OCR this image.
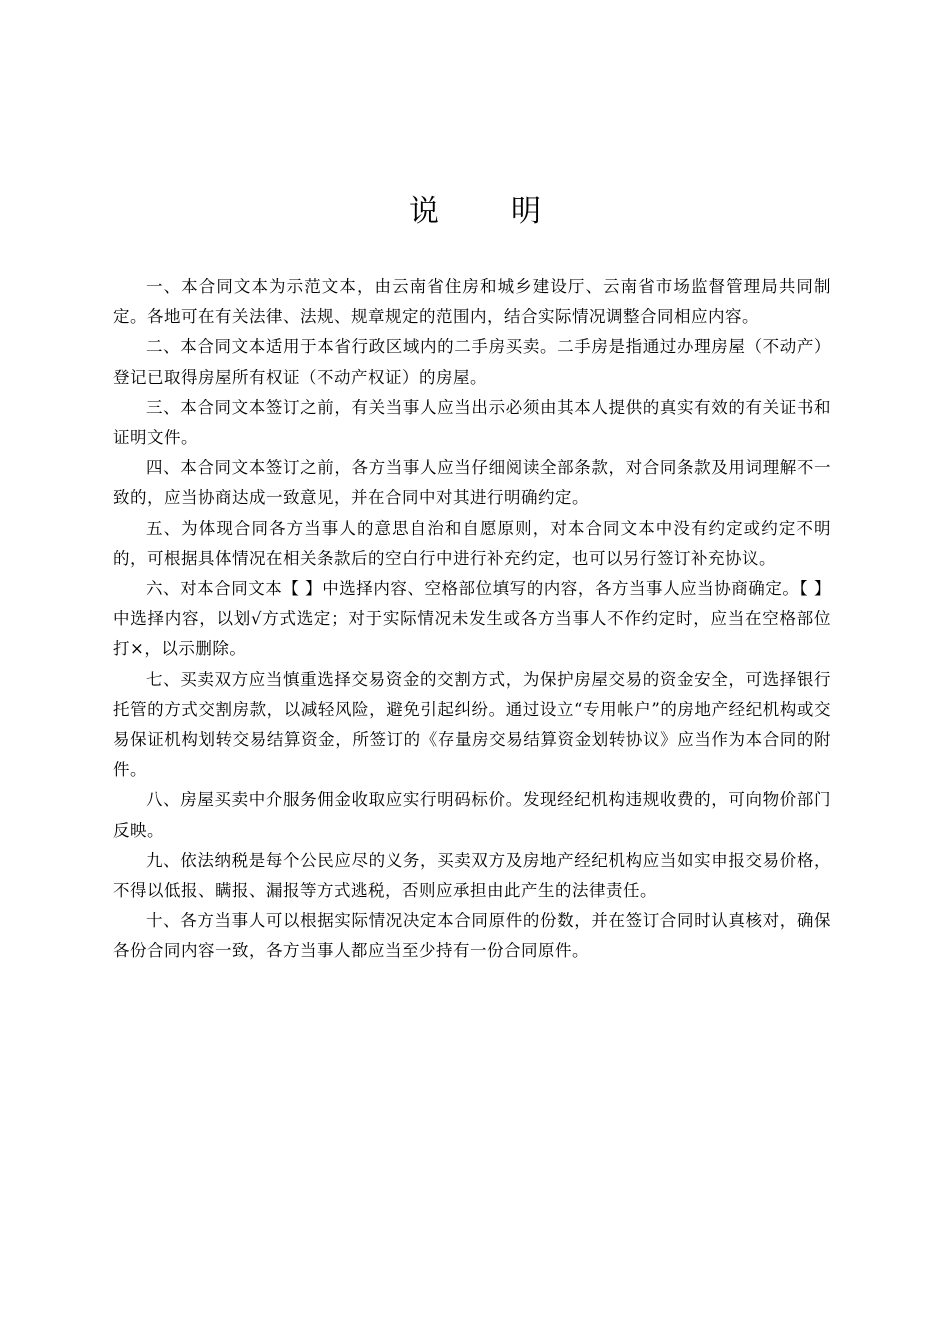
说明

一、本合同文本为示范文本，由云南省住房和城乡建设厅、云南省市场监督管理局共同制定。各地可在有关法律、法规、规章规定的范围内，结合实际情况调整合同相应内容。

二、本合同文本适用于本省行政区域内的二手房买卖。二手房是指通过办理房屋（不动产）登记已取得房屋所有权证（不动产权证）的房屋。

三、本合同文本签订之前，有关当事人应当出示必须由其本人提供的真实有效的有关证书和证明文件。

四、本合同文本签订之前，各方当事人应当仔细阅读全部条款，对合同条款及用词理解不一致的，应当协商达成一致意见，并在合同中对其进行明确约定。

五、为体现合同各方当事人的意思自治和自愿原则，对本合同文本中没有约定或约定不明的，可根据具体情况在相关条款后的空白行中进行补充约定，也可以另行签订补充协议。

六、对本合同文本【 】中选择内容、空格部位填写的内容，各方当事人应当协商确定。【 】中选择内容，以划√方式选定；对于实际情况未发生或各方当事人不作约定时，应当在空格部位打×，以示删除。

七、买卖双方应当慎重选择交易资金的交割方式，为保护房屋交易的资金安全，可选择银行托管的方式交割房款，以减轻风险，避免引起纠纷。通过设立“专用帐户”的房地产经纪机构或交易保证机构划转交易结算资金，所签订的《存量房交易结算资金划转协议》应当作为本合同的附件。

八、房屋买卖中介服务佣金收取应实行明码标价。发现经纪机构违规收费的，可向物价部门反映。

九、依法纳税是每个公民应尽的义务，买卖双方及房地产经纪机构应当如实申报交易价格，不得以低报、瞒报、漏报等方式逃税，否则应承担由此产生的法律责任。

十、各方当事人可以根据实际情况决定本合同原件的份数，并在签订合同时认真核对，确保各份合同内容一致，各方当事人都应当至少持有一份合同原件。
